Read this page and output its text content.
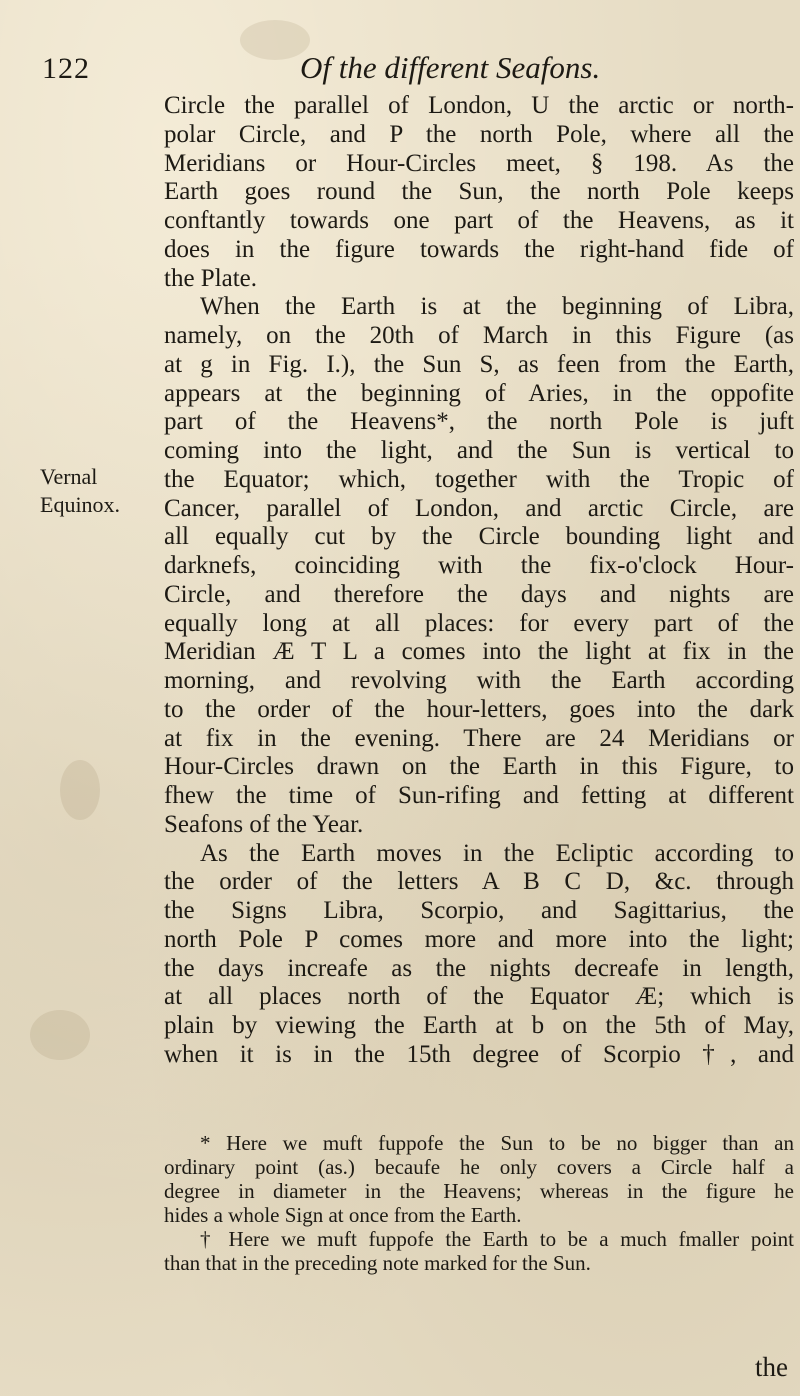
122	Of the different Seafons.
Vernal
Equinox.
Circle the parallel of London, U the arctic or north-
polar Circle, and P the north Pole, where all the
Meridians or Hour-Circles meet, § 198. As the
Earth goes round the Sun, the north Pole keeps
conftantly towards one part of the Heavens, as it
does in the figure towards the right-hand fide of
the Plate.
When the Earth is at the beginning of Libra,
namely, on the 20th of March in this Figure (as
at g in Fig. I.), the Sun S, as feen from the Earth,
appears at the beginning of Aries, in the oppofite
part of the Heavens*, the north Pole is juft
coming into the light, and the Sun is vertical to
the Equator; which, together with the Tropic of
Cancer, parallel of London, and arctic Circle, are
all equally cut by the Circle bounding light and
darknefs, coinciding with the fix-o'clock Hour-
Circle, and therefore the days and nights are
equally long at all places: for every part of the
Meridian Æ T L a comes into the light at fix in the
morning, and revolving with the Earth according
to the order of the hour-letters, goes into the dark
at fix in the evening. There are 24 Meridians or
Hour-Circles drawn on the Earth in this Figure, to
fhew the time of Sun-rifing and fetting at different
Seafons of the Year.
As the Earth moves in the Ecliptic according to
the order of the letters A B C D, &c. through
the Signs Libra, Scorpio, and Sagittarius, the
north Pole P comes more and more into the light;
the days increafe as the nights decreafe in length,
at all places north of the Equator Æ; which is
plain by viewing the Earth at b on the 5th of May,
when it is in the 15th degree of Scorpio †, and
* Here we muft fuppofe the Sun to be no bigger than an
ordinary point (as.) becaufe he only covers a Circle half a
degree in diameter in the Heavens; whereas in the figure he
hides a whole Sign at once from the Earth.
† Here we muft fuppofe the Earth to be a much fmaller point
than that in the preceding note marked for the Sun.
the
